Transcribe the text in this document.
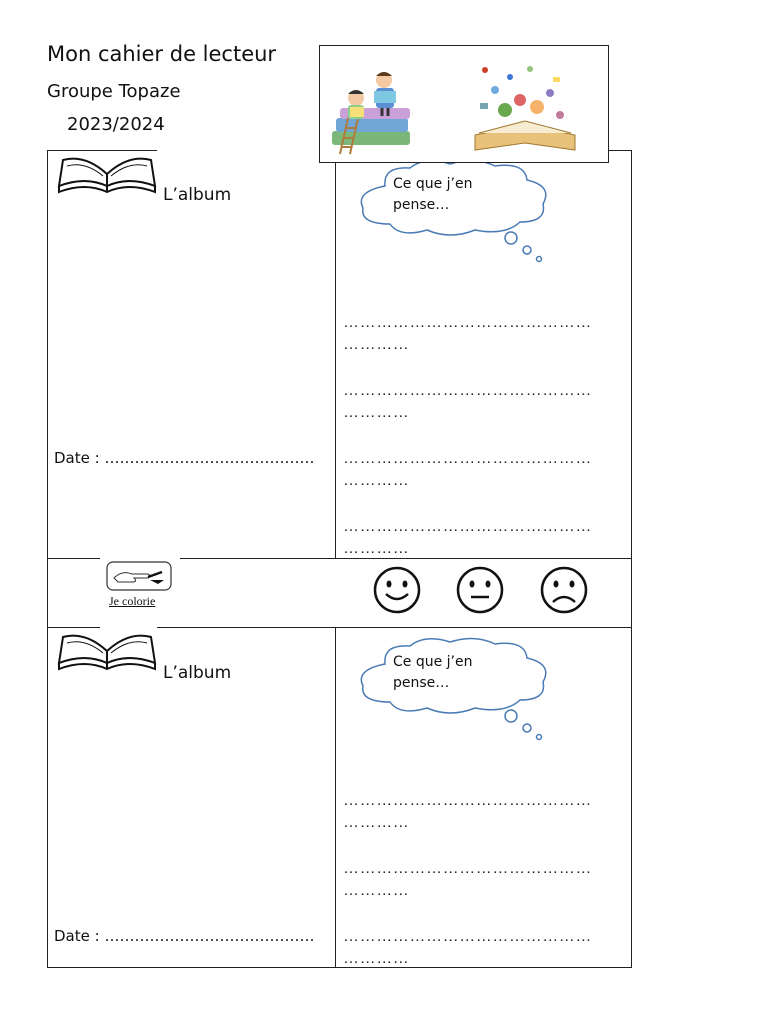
Mon cahier de lecteur
Groupe Topaze
2023/2024
L’album
Date : ……………………………………
Ce que j’en
pense…
………………………………………
…………
………………………………………
…………
………………………………………
…………
………………………………………
…………
Je colorie
L’album
Date : ……………………………………
Ce que j’en
pense…
………………………………………
…………
………………………………………
…………
………………………………………
…………
